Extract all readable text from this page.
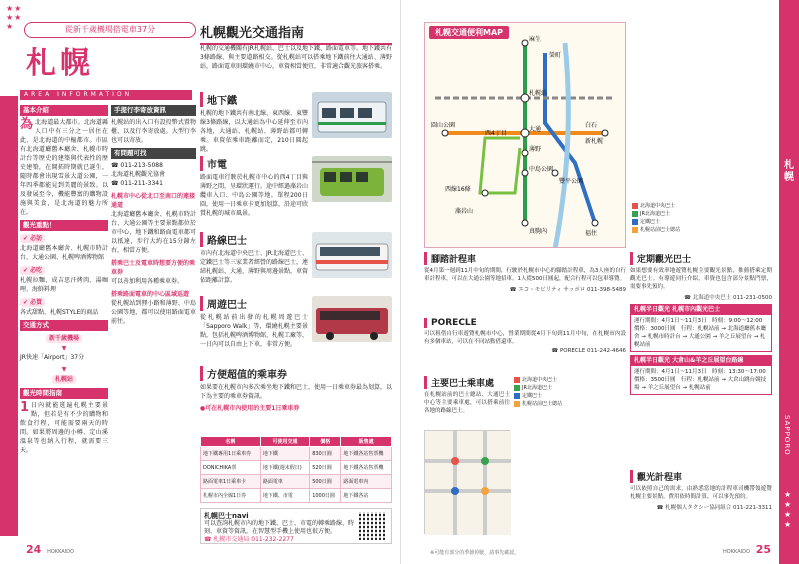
★★
★★
★	從新千歲機場搭電車37分
札幌
AREA INFORMATION
基本介紹
為 北海道最大都市。北海道縣人口中有三分之一居住在此，是北海道的中樞都市。市區有北海道廳舊本廳舍、札幌市時計台等歷史的建築與代表性的歷史建築，在開拓時期就已誕生，隨時都會出現雪景大道公園，一年四季都能見到美麗的景致。以及發展至今，機能豐富的購物設施與美食，是北海道的魅力所在。
觀光重點！
✔ 必訪
北海道廳舊本廳舍、札幌市時計台、大通公園、札幌啤酒博物館
✔ 必吃
札幌拉麵、成吉思汗烤肉、湯咖哩、海鮮料理
✔ 必買
各式甜點、札幌STYLE的商品
交通方式
新千歲機場
▼
JR快速「Airport」37分
▼
札幌站
觀光時間指南
1 日內就能逛遍札幌主要景點，但若是有不少的購物和飲食行程，可能需要兩天的時間。如果將周邊的小樽、定山溪溫泉等也納入行程，就需要三天。
手提行李寄放資訊
札幌站的出入口有設投幣式置物櫃，以及行李寄放處。大型行李也可以寄放。
有問題可找
☎ 011-213-5088
北海道札幌觀光協會
☎ 011-211-3341
札幌市中心從北口至南口的連接通道
北海道廳舊本廳舍、札幌市時計台、大通公園等主要景點都位於市中心，地下鐵和路面電車都可以抵達，步行大約在15分鐘左右，相當方便。
搭乘巴士及電車時想要方便的乘車券
可以善加利用各種乘車券。
搭乘路面電車的中心區域巡遊
從札幌站到狸小路和薄野、中島公園等地，都可以使用路面電車前往。
札幌觀光交通指南
札幌的交通機關有JR札幌站、巴士以及地下鐵、路面電車等。地下鐵共有3條路線，與主要道路相交。從札幌站可以搭乘地下鐵前往大通站、薄野站，路面電車則環繞市中心，車資相當便宜，非常適合觀光旅客搭乘。
地下鐵
札幌的地下鐵共有南北線、東西線、東豐線3條路線，以大通站為中心延伸至市內各地，大通站、札幌站、薄野站都可轉乘。車資依乘車距離而定，210日圓起跳。
市電
路面電車行駛於札幌市中心的西4丁目與薄野之間，呈環狀運行。途中經過藻岩山纜車入口、中島公園等地。單程200日圓，使用一日乘車卡更加划算，沿途可欣賞札幌的城市風景。
路線巴士
市內有北海道中央巴士、JR北海道巴士、定鐵巴士等三家業者經營的路線巴士，連結札幌站、大通、薄野與周邊景點，車資依距離計算。
周遊巴士
從札幌站前出發的札幌周遊巴士「Sapporo Walk」等，環繞札幌主要景點，包括札幌啤酒博物館、札幌工廠等，一日內可以自由上下車，非常方便。
方便超值的乘車券
如果要在札幌市內多次乘坐地下鐵和巴士，使用一日乘車券最為划算，以下為主要的乘車券資訊。
●可在札幌市內使用的主要1日乘車券
名稱	可使用交通	價格	販售處
地下鐵專用1日乘車券	地下鐵	830日圓	地下鐵各站售票機
DONICHIKA票	地下鐵(週末假日)	520日圓	地下鐵各站售票機
路面電車1日乘車卡	路面電車	500日圓	路面電車內
札幌市內全線1日券	地下鐵、市電	1000日圓	地下鐵各站
札幌巴士navi
可以查詢札幌市內的地下鐵、巴士、市電的轉乘路線、時刻、車資等資訊，在智慧型手機上使用也很方便。
☎ 札幌市交通局 011-232-2277
24 HOKKAIDO
札幌
SAPPORO
★
★
★
★
HOKKAIDO 25
札幌站
大通
薄野
中島公園
圓山公園
藻岩山
白石
新札幌
麻生
真駒內
榮町
福住
西4丁目
西線16條
豐平公園
札幌交通便利MAP
北海道中央巴士
JR北海道巴士
定鐵巴士
札幌站前巴士總站
腳踏計程車
從4月第一週到11月中旬的期間，行駛於札幌市中心的腳踏計程車，為3人座的自行車計程車，可以在大通公園等地招車。1人從500日圓起，配合行程可以包車導覽。
☎ エコ・モビリティ サッポロ 011-398-5489
PORECLE
可以租借自行車遊覽札幌市中心，營業期間從4月下旬到11月中旬，在札幌市內設有多個車站，可以在不同站點借還車。
☎ PORECLE 011-242-4646
主要巴士乘車處
在札幌站前的巴士總站、大通巴士中心等主要乘車處，可以搭乘前往各地的路線巴士。
北海道中央巴士
JR北海道巴士
定鐵巴士
札幌站前巴士總站
定期觀光巴士
如果想要有效率地遊覽札幌主要觀光景點，推薦搭乘定期觀光巴士。有導遊同行介紹，車資也包含部分景點門票，需要事先預約。
☎ 北海道中央巴士 011-231-0500
札幌半日觀光 札幌市內觀光巴士
運行期間：4月1日～11月3日　時刻：9:00～12:00　價格：3000日圓　行程：札幌站前 → 北海道廳舊本廳舍 → 札幌市時計台 → 大通公園 → 羊之丘展望台 → 札幌站前
札幌半日觀光 大倉山&羊之丘展望台路線
運行期間：4月1日～11月3日　時刻：13:30～17:00　價格：3500日圓　行程：札幌站前 → 大倉山跳台競技場 → 羊之丘展望台 → 札幌站前
觀光計程車
可以依照自己的需求，由熟悉當地的計程車司機帶領遊覽札幌主要景點。費用依時間計算，可以事先預約。
☎ 札幌個人タクシー協同組合 011-221-3311
※可能有部分的季節停駛，請事先確認。
